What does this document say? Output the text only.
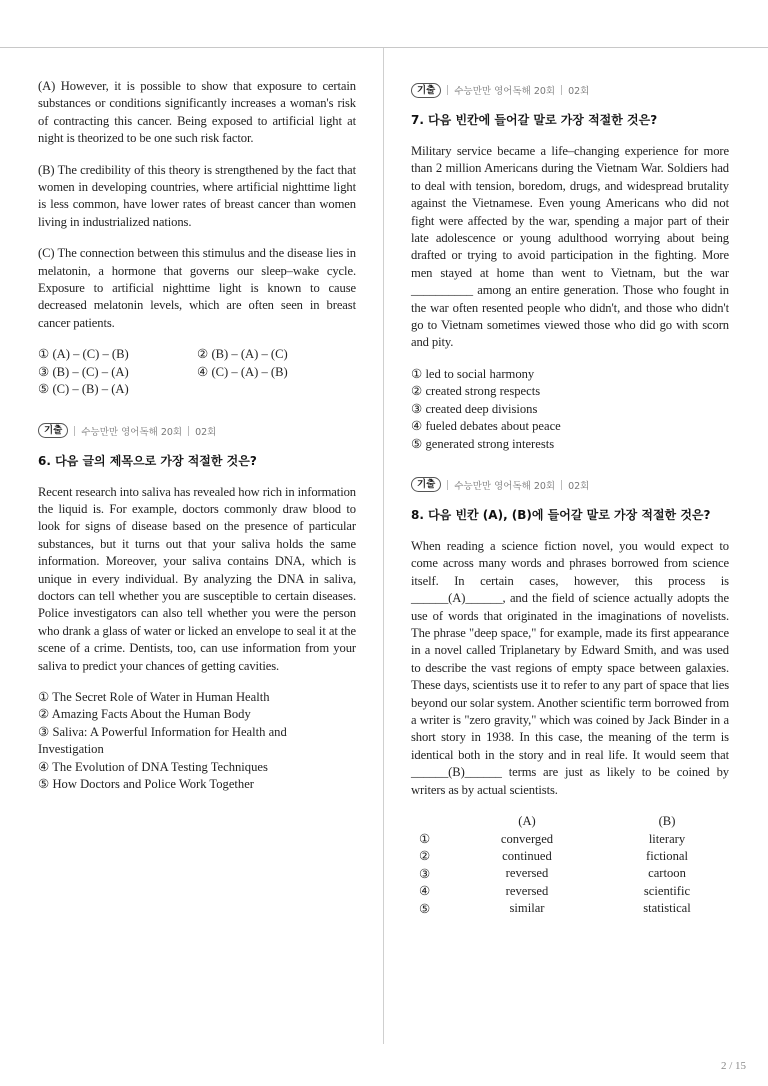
(A) However, it is possible to show that exposure to certain substances or conditions significantly increases a woman's risk of contracting this cancer. Being exposed to artificial light at night is theorized to be one such risk factor.

(B) The credibility of this theory is strengthened by the fact that women in developing countries, where artificial nighttime light is less common, have lower rates of breast cancer than women living in industrialized nations.

(C) The connection between this stimulus and the disease lies in melatonin, a hormone that governs our sleep–wake cycle. Exposure to artificial nighttime light is known to cause decreased melatonin levels, which are often seen in breast cancer patients.

① (A) – (C) – (B)	② (B) – (A) – (C)
③ (B) – (C) – (A)	④ (C) – (A) – (B)
⑤ (C) – (B) – (A)
기출	수능만만 영어독해 20회 02회
6. 다음 글의 제목으로 가장 적절한 것은?

Recent research into saliva has revealed how rich in information the liquid is. For example, doctors commonly draw blood to look for signs of disease based on the presence of particular substances, but it turns out that your saliva holds the same information. Moreover, your saliva contains DNA, which is unique in every individual. By analyzing the DNA in saliva, doctors can tell whether you are susceptible to certain diseases. Police investigators can also tell whether you were the person who drank a glass of water or licked an envelope to seal it at the scene of a crime. Dentists, too, can use information from your saliva to predict your chances of getting cavities.

① The Secret Role of Water in Human Health
② Amazing Facts About the Human Body
③ Saliva: A Powerful Information for Health and
Investigation
④ The Evolution of DNA Testing Techniques
⑤ How Doctors and Police Work Together
기출	수능만만 영어독해 20회 02회
7. 다음 빈칸에 들어갈 말로 가장 적절한 것은?

Military service became a life–changing experience for more than 2 million Americans during the Vietnam War. Soldiers had to deal with tension, boredom, drugs, and widespread brutality against the Vietnamese. Even young Americans who did not fight were affected by the war, spending a major part of their late adolescence or young adulthood worrying about being drafted or trying to avoid participation in the fighting. More men stayed at home than went to Vietnam, but the war __________ among an entire generation. Those who fought in the war often resented people who didn't, and those who didn't go to Vietnam sometimes viewed those who did go with scorn and pity.

① led to social harmony
② created strong respects
③ created deep divisions
④ fueled debates about peace
⑤ generated strong interests
기출	수능만만 영어독해 20회 02회
8. 다음 빈칸 (A), (B)에 들어갈 말로 가장 적절한 것은?

When reading a science fiction novel, you would expect to come across many words and phrases borrowed from science itself. In certain cases, however, this process is ______(A)______, and the field of science actually adopts the use of words that originated in the imaginations of novelists. The phrase "deep space," for example, made its first appearance in a novel called Triplanetary by Edward Smith, and was used to describe the vast regions of empty space between galaxies. These days, scientists use it to refer to any part of space that lies beyond our solar system. Another scientific term borrowed from a writer is "zero gravity," which was coined by Jack Binder in a short story in 1938. In this case, the meaning of the term is identical both in the story and in real life. It would seem that ______(B)______ terms are just as likely to be coined by writers as by actual scientists.

	(A)	(B)
①	converged	literary
②	continued	fictional
③	reversed	cartoon
④	reversed	scientific
⑤	similar	statistical
2 / 15
